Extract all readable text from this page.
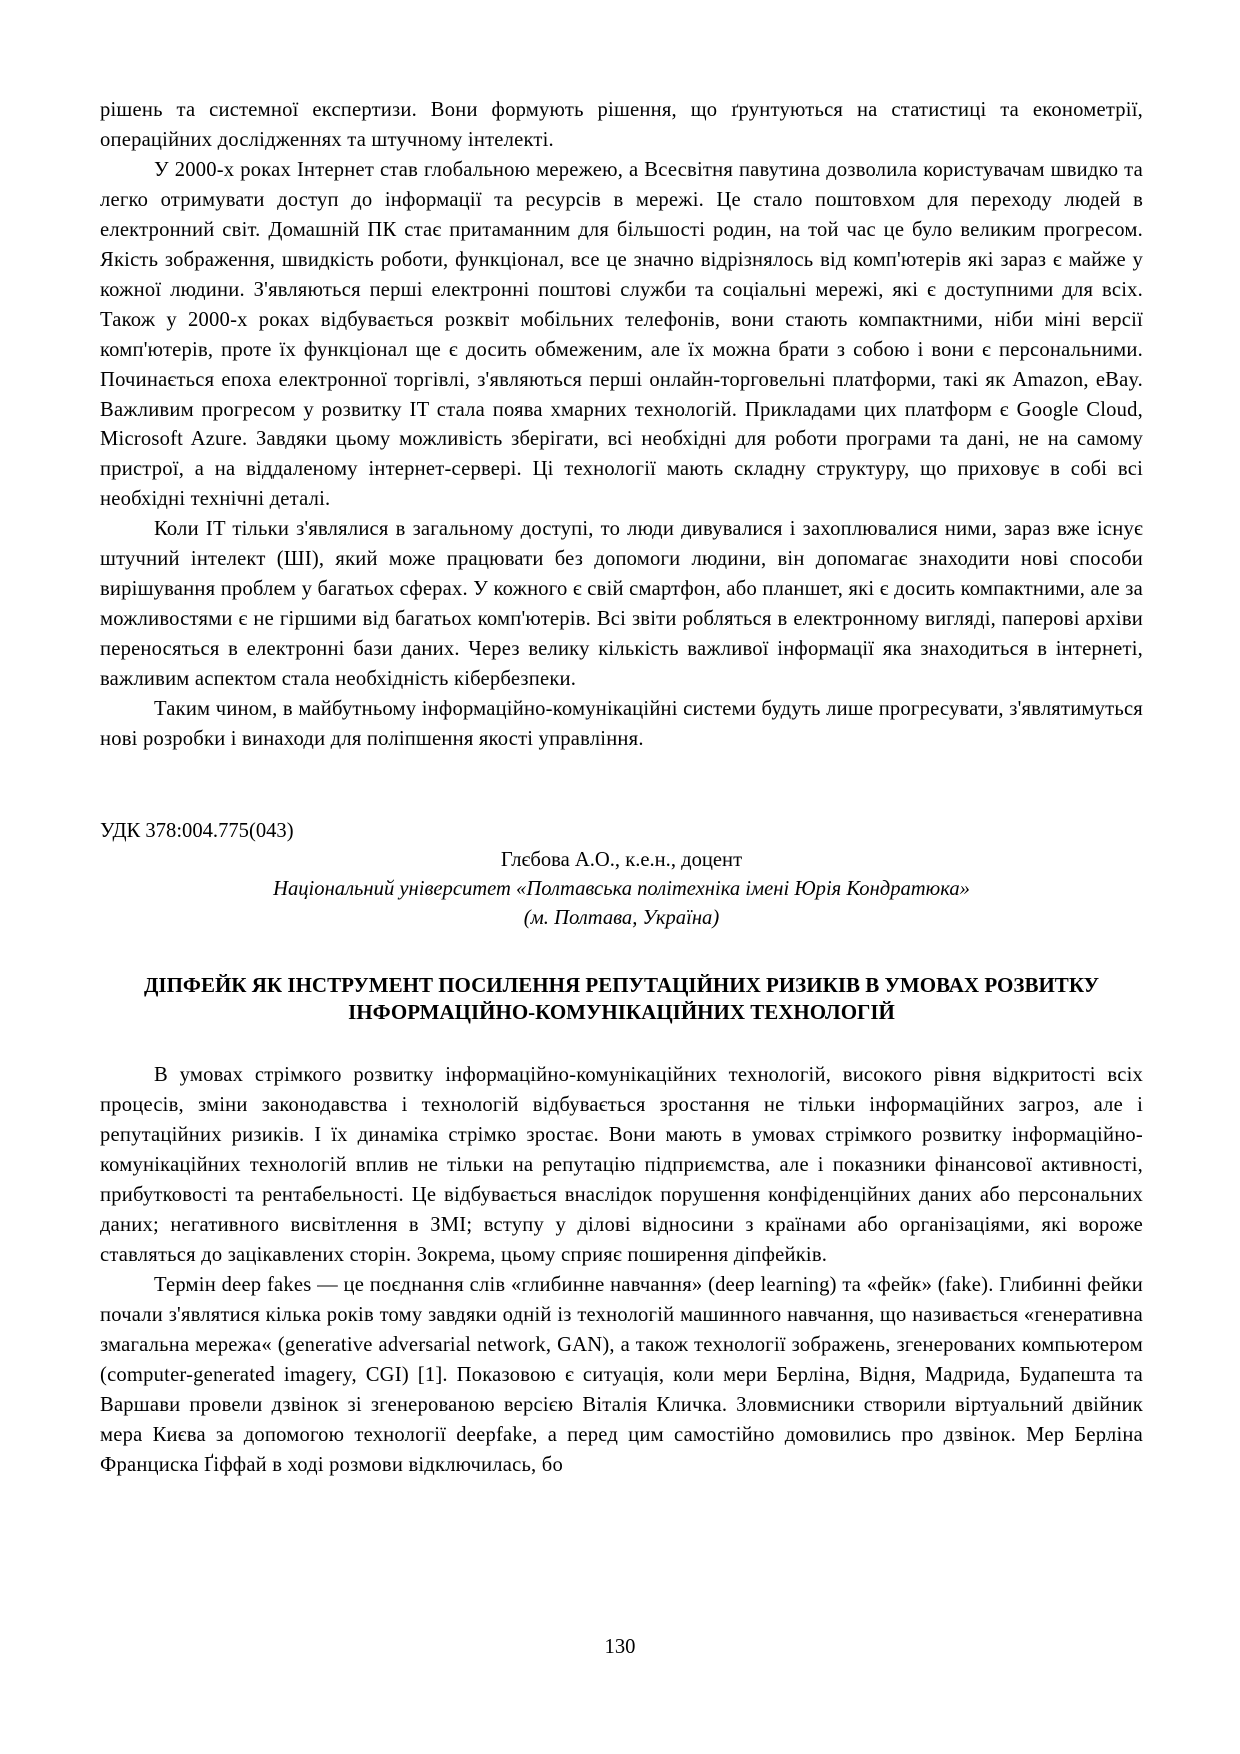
рішень та системної експертизи. Вони формують рішення, що ґрунтуються на статистиці та економетрії, операційних дослідженнях та штучному інтелекті.

У 2000-х роках Інтернет став глобальною мережею, а Всесвітня павутина дозволила користувачам швидко та легко отримувати доступ до інформації та ресурсів в мережі. Це стало поштовхом для переходу людей в електронний світ. Домашній ПК стає притаманним для більшості родин, на той час це було великим прогресом. Якість зображення, швидкість роботи, функціонал, все це значно відрізнялось від комп'ютерів які зараз є майже у кожної людини. З'являються перші електронні поштові служби та соціальні мережі, які є доступними для всіх. Також у 2000-х роках відбувається розквіт мобільних телефонів, вони стають компактними, ніби міні версії комп'ютерів, проте їх функціонал ще є досить обмеженим, але їх можна брати з собою і вони є персональними. Починається епоха електронної торгівлі, з'являються перші онлайн-торговельні платформи, такі як Amazon, eBay. Важливим прогресом у розвитку IT стала поява хмарних технологій. Прикладами цих платформ є Google Cloud, Microsoft Azure. Завдяки цьому можливість зберігати, всі необхідні для роботи програми та дані, не на самому пристрої, а на віддаленому інтернет-сервері. Ці технології мають складну структуру, що приховує в собі всі необхідні технічні деталі.

Коли IT тільки з'являлися в загальному доступі, то люди дивувалися і захоплювалися ними, зараз вже існує штучний інтелект (ШІ), який може працювати без допомоги людини, він допомагає знаходити нові способи вирішування проблем у багатьох сферах. У кожного є свій смартфон, або планшет, які є досить компактними, але за можливостями є не гіршими від багатьох комп'ютерів. Всі звіти робляться в електронному вигляді, паперові архіви переносяться в електронні бази даних. Через велику кількість важливої інформації яка знаходиться в інтернеті, важливим аспектом стала необхідність кібербезпеки.

Таким чином, в майбутньому інформаційно-комунікаційні системи будуть лише прогресувати, з'являтимуться нові розробки і винаходи для поліпшення якості управління.

УДК 378:004.775(043)
Глєбова А.О., к.е.н., доцент
Національний університет «Полтавська політехніка імені Юрія Кондратюка»
(м. Полтава, Україна)
ДІПФЕЙК ЯК ІНСТРУМЕНТ ПОСИЛЕННЯ РЕПУТАЦІЙНИХ РИЗИКІВ В УМОВАХ РОЗВИТКУ ІНФОРМАЦІЙНО-КОМУНІКАЦІЙНИХ ТЕХНОЛОГІЙ

В умовах стрімкого розвитку інформаційно-комунікаційних технологій, високого рівня відкритості всіх процесів, зміни законодавства і технологій відбувається зростання не тільки інформаційних загроз, але і репутаційних ризиків. І їх динаміка стрімко зростає. Вони мають в умовах стрімкого розвитку інформаційно- комунікаційних технологій вплив не тільки на репутацію підприємства, але і показники фінансової активності, прибутковості та рентабельності. Це відбувається внаслідок порушення конфіденційних даних або персональних даних; негативного висвітлення в ЗМІ; вступу у ділові відносини з країнами або організаціями, які вороже ставляться до зацікавлених сторін. Зокрема, цьому сприяє поширення діпфейків.

Термін deep fakes — це поєднання слів «глибинне навчання» (deep learning) та «фейк» (fake). Глибинні фейки почали з'являтися кілька років тому завдяки одній із технологій машинного навчання, що називається «генеративна змагальна мережа« (generative adversarial network, GAN), а також технології зображень, згенерованих компьютером (computer-generated imagery, CGI) [1]. Показовою є ситуація, коли мери Берліна, Відня, Мадрида, Будапешта та Варшави провели дзвінок зі згенерованою версією Віталія Кличка. Зловмисники створили віртуальний двійник мера Києва за допомогою технології deepfake, а перед цим самостійно домовились про дзвінок. Мер Берліна Франциска Ґіффай в ході розмови відключилась, бо

130
